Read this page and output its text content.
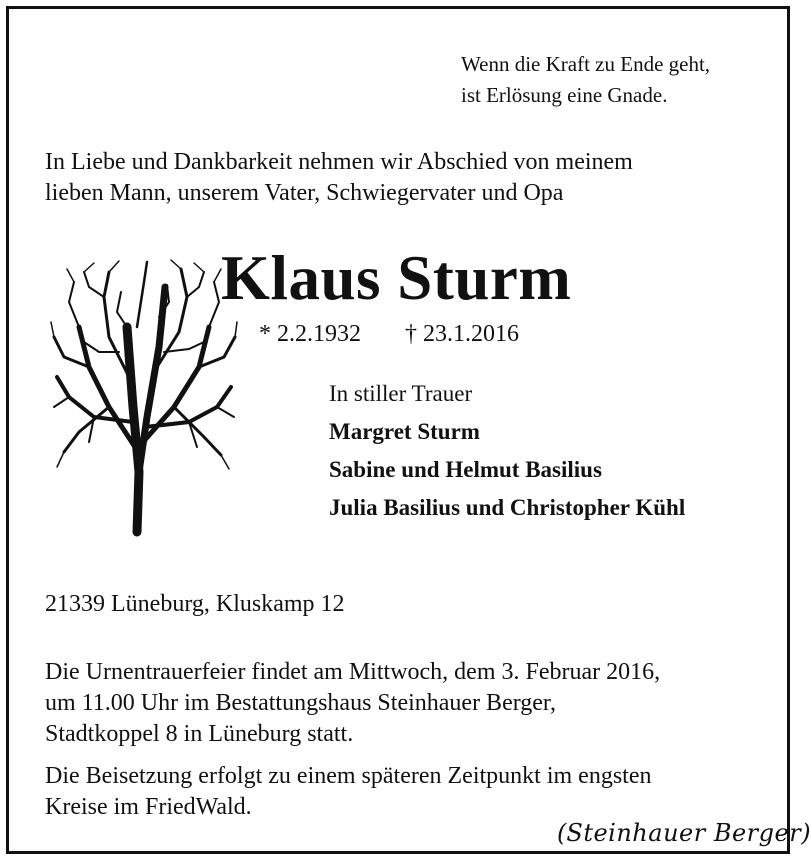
Wenn die Kraft zu Ende geht,
ist Erlösung eine Gnade.
In Liebe und Dankbarkeit nehmen wir Abschied von meinem
lieben Mann, unserem Vater, Schwiegervater und Opa
Klaus Sturm
* 2.2.1932 † 23.1.2016
In stiller Trauer
Margret Sturm
Sabine und Helmut Basilius
Julia Basilius und Christopher Kühl
21339 Lüneburg, Kluskamp 12
Die Urnentrauerfeier findet am Mittwoch, dem 3. Februar 2016,
um 11.00 Uhr im Bestattungshaus Steinhauer Berger,
Stadtkoppel 8 in Lüneburg statt.
Die Beisetzung erfolgt zu einem späteren Zeitpunkt im engsten
Kreise im FriedWald.
(Steinhauer Berger)
